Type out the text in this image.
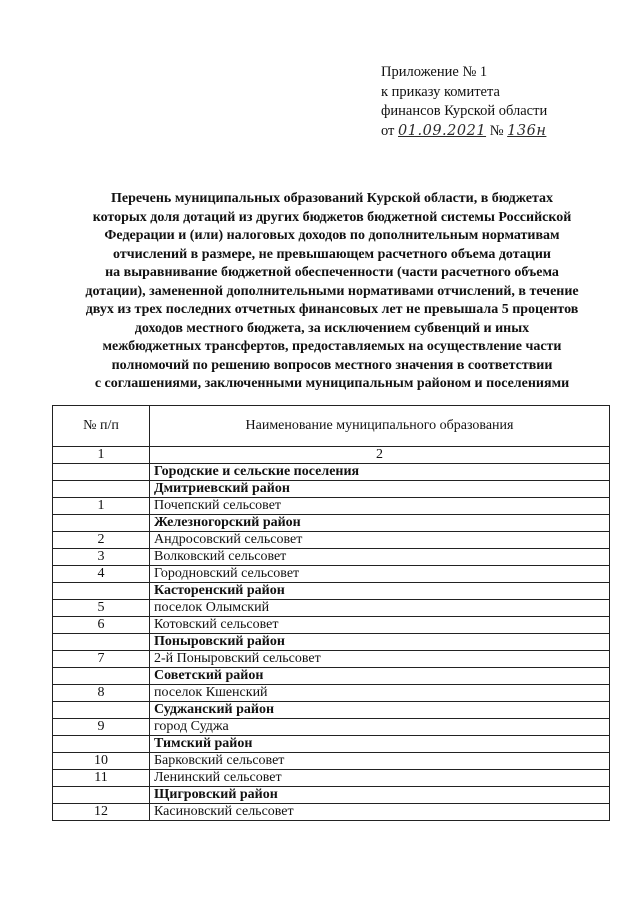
Приложение № 1
к приказу комитета
финансов Курской области
от 01.09.2021 № 136н
Перечень муниципальных образований Курской области, в бюджетах
которых доля дотаций из других бюджетов бюджетной системы Российской
Федерации и (или) налоговых доходов по дополнительным нормативам
отчислений в размере, не превышающем расчетного объема дотации
на выравнивание бюджетной обеспеченности (части расчетного объема
дотации), замененной дополнительными нормативами отчислений, в течение
двух из трех последних отчетных финансовых лет не превышала 5 процентов
доходов местного бюджета, за исключением субвенций и иных
межбюджетных трансфертов, предоставляемых на осуществление части
полномочий по решению вопросов местного значения в соответствии
с соглашениями, заключенными муниципальным районом и поселениями
№ п/п	Наименование муниципального образования
1	2
	Городские и сельские поселения
	Дмитриевский район
1	Почепский сельсовет
	Железногорский район
2	Андросовский сельсовет
3	Волковский сельсовет
4	Городновский сельсовет
	Касторенский район
5	поселок Олымский
6	Котовский сельсовет
	Поныровский район
7	2-й Поныровский сельсовет
	Советский район
8	поселок Кшенский
	Суджанский район
9	город Суджа
	Тимский район
10	Барковский сельсовет
11	Ленинский сельсовет
	Щигровский район
12	Касиновский сельсовет
